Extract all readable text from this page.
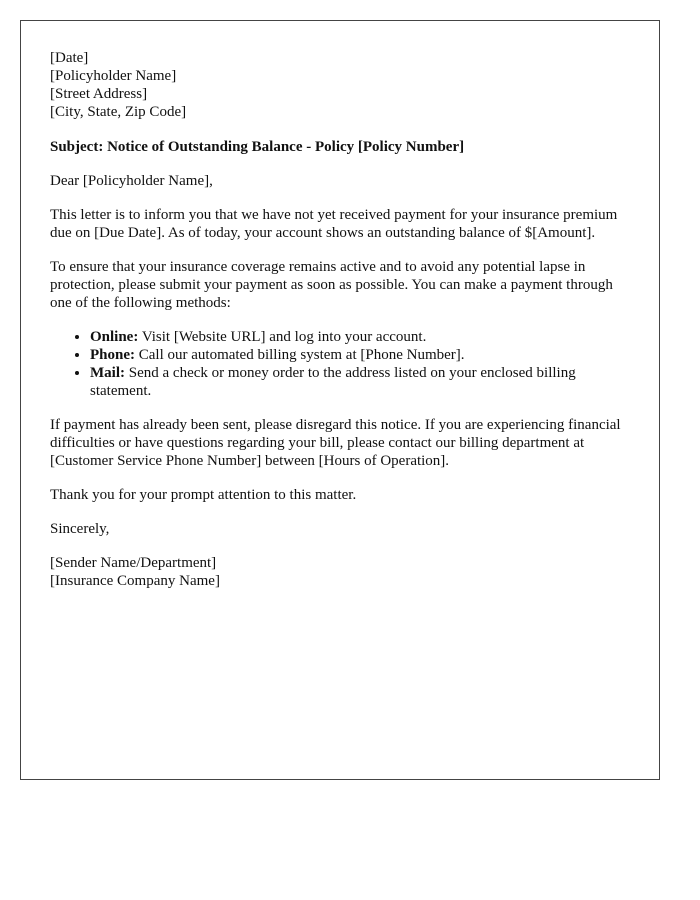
[Date]
[Policyholder Name]
[Street Address]
[City, State, Zip Code]
Subject: Notice of Outstanding Balance - Policy [Policy Number]

Dear [Policyholder Name],

This letter is to inform you that we have not yet received payment for your insurance premium due on [Due Date]. As of today, your account shows an outstanding balance of $[Amount].

To ensure that your insurance coverage remains active and to avoid any potential lapse in protection, please submit your payment as soon as possible. You can make a payment through one of the following methods:

• Online: Visit [Website URL] and log into your account.
• Phone: Call our automated billing system at [Phone Number].
• Mail: Send a check or money order to the address listed on your enclosed billing statement.

If payment has already been sent, please disregard this notice. If you are experiencing financial difficulties or have questions regarding your bill, please contact our billing department at [Customer Service Phone Number] between [Hours of Operation].

Thank you for your prompt attention to this matter.

Sincerely,

[Sender Name/Department]
[Insurance Company Name]
